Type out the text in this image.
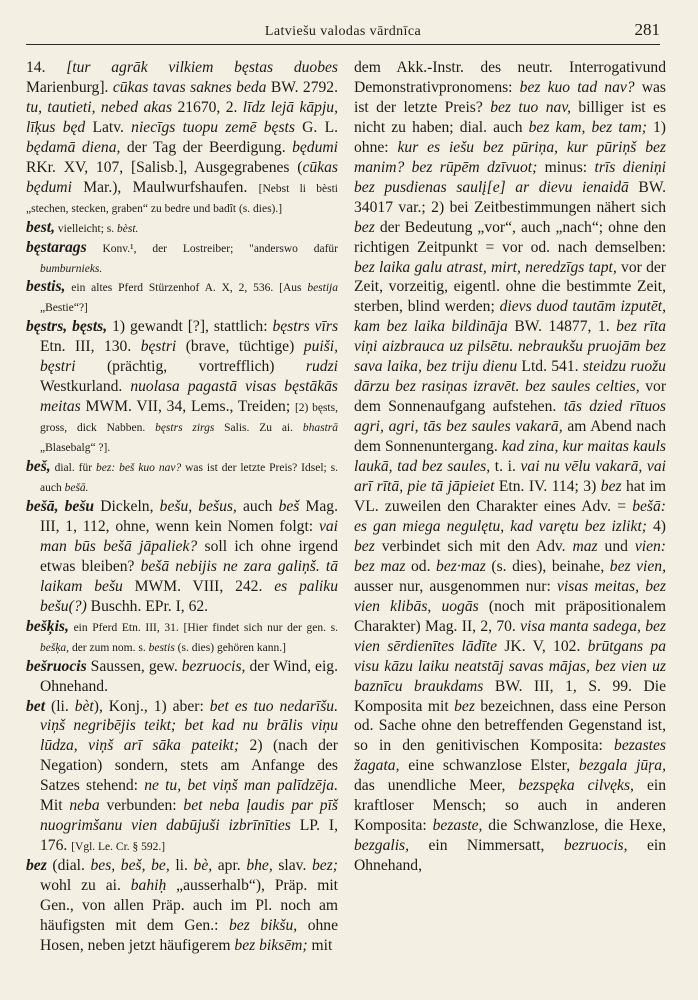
Latviešu valodas vārdnīca	281

14. [tur agrāk vilkiem bęstas duobes Marienburg]. cūkas tavas saknes beda BW. 2792. tu, tautieti, nebed akas 21670, 2. līdz lejā kāpju, līķus będ Latv. niecīgs tuopu zemē bęsts G. L. będamā diena, der Tag der Beerdigung. będumi RKr. XV, 107, [Salisb.], Ausgegrabenes (cūkas będumi Mar.), Maulwurfshaufen. [Nebst li bèsti „stechen, stecken, graben“ zu bedre und badît (s. dies).]

best, vielleicht; s. bèst.

bęstarags Konv.¹, der Lostreiber; "anderswo dafür bumburnieks.

bestis, ein altes Pferd Stürzenhof A. X, 2, 536. [Aus bestija „Bestie“?]

bęstrs, bęsts, 1) gewandt [?], stattlich: bęstrs vīrs Etn. III, 130. bęstri (brave, tüchtige) puiši, bęstri (prächtig, vortrefflich) rudzi Westkurland. nuolasa pagastā visas bęstākās meitas MWM. VII, 34, Lems., Treiden; [2) bęsts, gross, dick Nabben. bęstrs zirgs Salis. Zu ai. bhastrā „Blasebalg“ ?].

beš, dial. für bez: beš kuo nav? was ist der letzte Preis? Idsel; s. auch bešā.

bešā, bešu Dickeln, bešu, bešus, auch beš Mag. III, 1, 112, ohne, wenn kein Nomen folgt: vai man būs bešā jāpaliek? soll ich ohne irgend etwas bleiben? bešā nebijis ne zara galiņš. tā laikam bešu MWM. VIII, 242. es paliku bešu(?) Buschh. EPr. I, 62.

bešķis, ein Pferd Etn. III, 31. [Hier findet sich nur der gen. s. bešķa, der zum nom. s. bestis (s. dies) gehören kann.]

bešruocis Saussen, gew. bezruocis, der Wind, eig. Ohnehand.

bet (li. bèt), Konj., 1) aber: bet es tuo nedarīšu. viņš negribējis teikt; bet kad nu brālis viņu lūdza, viņš arī sāka pateikt; 2) (nach der Negation) sondern, stets am Anfange des Satzes stehend: ne tu, bet viņš man palīdzēja. Mit neba verbunden: bet neba ļaudis par pīš nuogrimšanu vien dabūjuši izbrīnīties LP. I, 176. [Vgl. Le. Cr. § 592.]

bez (dial. bes, beš, be, li. bè, apr. bhe, slav. bez; wohl zu ai. bahiḥ „ausserhalb“), Präp. mit Gen., von allen Präp. auch im Pl. noch am häufigsten mit dem Gen.: bez bikšu, ohne Hosen, neben jetzt häufigerem bez biksēm; mit

dem Akk.-Instr. des neutr. Interrogativund Demonstrativpronomens: bez kuo tad nav? was ist der letzte Preis? bez tuo nav, billiger ist es nicht zu haben; dial. auch bez kam, bez tam; 1) ohne: kur es iešu bez pūriņa, kur pūriņš bez manim? bez rūpēm dzīvuot; minus: trīs dieniņi bez pusdienas saulį[e] ar dievu ienaidā BW. 34017 var.; 2) bei Zeitbestimmungen nähert sich bez der Bedeutung „vor“, auch „nach“; ohne den richtigen Zeitpunkt = vor od. nach demselben: bez laika galu atrast, mirt, neredzīgs tapt, vor der Zeit, vorzeitig, eigentl. ohne die bestimmte Zeit, sterben, blind werden; dievs duod tautām izputēt, kam bez laika bildināja BW. 14877, 1. bez rīta viņi aizbrauca uz pilsētu. nebraukšu pruojām bez sava laika, bez triju dienu Ltd. 541. steidzu ruožu dārzu bez rasiņas izravēt. bez saules celties, vor dem Sonnenaufgang aufstehen. tās dzied rītuos agri, agri, tās bez saules vakarā, am Abend nach dem Sonnenuntergang. kad zina, kur maitas kauls laukā, tad bez saules, t. i. vai nu vēlu vakarā, vai arī rītā, pie tā jāpieiet Etn. IV. 114; 3) bez hat im VL. zuweilen den Charakter eines Adv. = bešā: es gan miega negulętu, kad varętu bez izlikt; 4) bez verbindet sich mit den Adv. maz und vien: bez maz od. bez·maz (s. dies), beinahe, bez vien, ausser nur, ausgenommen nur: visas meitas, bez vien klibās, uogās (noch mit präpositionalem Charakter) Mag. II, 2, 70. visa manta sadega, bez vien sērdienītes lādīte JK. V, 102. brūtgans pa visu kāzu laiku neatstāj savas mājas, bez vien uz baznīcu braukdams BW. III, 1, S. 99. Die Komposita mit bez bezeichnen, dass eine Person od. Sache ohne den betreffenden Gegenstand ist, so in den genitivischen Komposita: bezastes žagata, eine schwanzlose Elster, bezgala jūŗa, das unendliche Meer, bezspęka cilvęks, ein kraftloser Mensch; so auch in anderen Komposita: bezaste, die Schwanzlose, die Hexe, bezgalis, ein Nimmersatt, bezruocis, ein Ohnehand,
